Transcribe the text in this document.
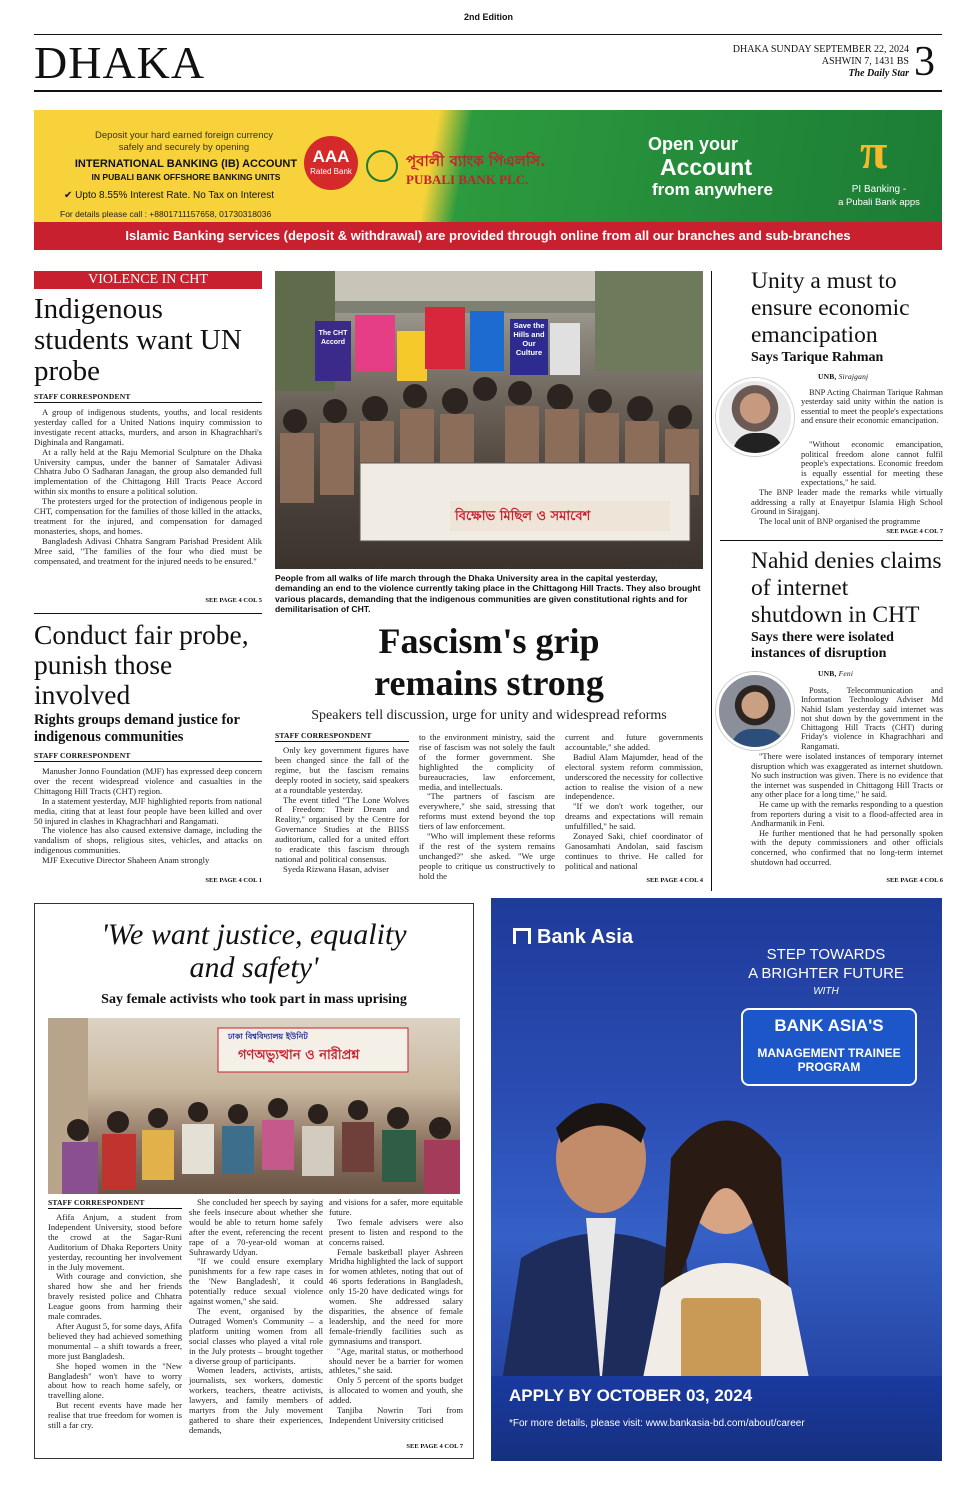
2nd Edition
DHAKA	DHAKA SUNDAY SEPTEMBER 22, 2024
ASHWIN 7, 1431 BS
The Daily Star 3
Deposit your hard earned foreign currency
safely and securely by opening
INTERNATIONAL BANKING (IB) ACCOUNT
IN PUBALI BANK OFFSHORE BANKING UNITS
✔ Upto 8.55% Interest Rate. No Tax on Interest
For details please call : +8801711157658, 01730318036
AAA
Rated Bank
পূবালী ব্যাংক পিএলসি.
PUBALI BANK PLC.
Open your
Account
from anywhere
π
PI Banking -
a Pubali Bank apps
Islamic Banking services (deposit & withdrawal) are provided through online from all our branches and sub-branches
VIOLENCE IN CHT
Indigenous students want UN probe
STAFF CORRESPONDENT

A group of indigenous students, youths, and local residents yesterday called for a United Nations inquiry commission to investigate recent attacks, murders, and arson in Khagrachhari's Dighinala and Rangamati.

At a rally held at the Raju Memorial Sculpture on the Dhaka University campus, under the banner of Samataler Adivasi Chhatra Jubo O Sadharan Janagan, the group also demanded full implementation of the Chittagong Hill Tracts Peace Accord within six months to ensure a political solution.

The protesters urged for the protection of indigenous people in CHT, compensation for the families of those killed in the attacks, treatment for the injured, and compensation for damaged monasteries, shops, and homes.

Bangladesh Adivasi Chhatra Sangram Parishad President Alik Mree said, "The families of the four who died must be compensated, and treatment for the injured needs to be ensured."

SEE PAGE 4 COL 5
Save the Hills and Our Culture
The CHT Accord
বিক্ষোভ মিছিল ও সমাবেশ
PHOTO: PALASH KHAN
People from all walks of life march through the Dhaka University area in the capital yesterday, demanding an end to the violence currently taking place in the Chittagong Hill Tracts. They also brought various placards, demanding that the indigenous communities are given constitutional rights and for demilitarisation of CHT.
Unity a must to ensure economic emancipation
Says Tarique Rahman
UNB, Sirajganj

BNP Acting Chairman Tarique Rahman yesterday said unity within the nation is essential to meet the people's expectations and ensure their economic emancipation.

"Without economic emancipation, political freedom alone cannot fulfil people's expectations. Economic freedom is equally essential for meeting these expectations," he said.

The BNP leader made the remarks while virtually addressing a rally at Enayetpur Islamia High School Ground in Sirajganj.

The local unit of BNP organised the programme

SEE PAGE 4 COL 7
Nahid denies claims of internet shutdown in CHT
Says there were isolated instances of disruption
UNB, Feni

Posts, Telecommunication and Information Technology Adviser Md Nahid Islam yesterday said internet was not shut down by the government in the Chittagong Hill Tracts (CHT) during Friday's violence in Khagrachhari and Rangamati.

"There were isolated instances of temporary internet disruption which was exaggerated as internet shutdown. No such instruction was given. There is no evidence that the internet was suspended in Chittagong Hill Tracts or any other place for a long time," he said.

He came up with the remarks responding to a question from reporters during a visit to a flood-affected area in Andharmanik in Feni.

He further mentioned that he had personally spoken with the deputy commissioners and other officials concerned, who confirmed that no long-term internet shutdown had occurred.

SEE PAGE 4 COL 6
Conduct fair probe, punish those involved
Rights groups demand justice for indigenous communities
STAFF CORRESPONDENT

Manusher Jonno Foundation (MJF) has expressed deep concern over the recent widespread violence and casualties in the Chittagong Hill Tracts (CHT) region.

In a statement yesterday, MJF highlighted reports from national media, citing that at least four people have been killed and over 50 injured in clashes in Khagrachhari and Rangamati.

The violence has also caused extensive damage, including the vandalism of shops, religious sites, vehicles, and attacks on indigenous communities.

MJF Executive Director Shaheen Anam strongly

SEE PAGE 4 COL 1
Fascism's grip remains strong
Speakers tell discussion, urge for unity and widespread reforms
STAFF CORRESPONDENT

Only key government figures have been changed since the fall of the regime, but the fascism remains deeply rooted in society, said speakers at a roundtable yesterday.

The event titled "The Lone Wolves of Freedom: Their Dream and Reality," organised by the Centre for Governance Studies at the BIISS auditorium, called for a united effort to eradicate this fascism through national and political consensus.

Syeda Rizwana Hasan, adviser

to the environment ministry, said the rise of fascism was not solely the fault of the former government. She highlighted the complicity of bureaucracies, law enforcement, media, and intellectuals.

"The partners of fascism are everywhere," she said, stressing that reforms must extend beyond the top tiers of law enforcement.

"Who will implement these reforms if the rest of the system remains unchanged?" she asked. "We urge people to critique us constructively to hold the

current and future governments accountable," she added.

Badiul Alam Majumder, head of the electoral system reform commission, underscored the necessity for collective action to realise the vision of a new independence.

"If we don't work together, our dreams and expectations will remain unfulfilled," he said.

Zonayed Saki, chief coordinator of Ganosamhati Andolan, said fascism continues to thrive. He called for political and national

SEE PAGE 4 COL 4
'We want justice, equality and safety'
Say female activists who took part in mass uprising
ঢাকা বিশ্ববিদ্যালয় ইউনিট
গণঅভ্যুত্থান ও নারীপ্রশ্ন
STAFF CORRESPONDENT

Afifa Anjum, a student from Independent University, stood before the crowd at the Sagar-Runi Auditorium of Dhaka Reporters Unity yesterday, recounting her involvement in the July movement.

With courage and conviction, she shared how she and her friends bravely resisted police and Chhatra League goons from harming their male comrades.

After August 5, for some days, Afifa believed they had achieved something monumental – a shift towards a freer, more just Bangladesh.

She hoped women in the "New Bangladesh" won't have to worry about how to reach home safely, or travelling alone.

But recent events have made her realise that true freedom for women is still a far cry.

She concluded her speech by saying she feels insecure about whether she would be able to return home safely after the event, referencing the recent rape of a 70-year-old woman at Suhrawardy Udyan.

"If we could ensure exemplary punishments for a few rape cases in the 'New Bangladesh', it could potentially reduce sexual violence against women," she said.

The event, organised by the Outraged Women's Community – a platform uniting women from all social classes who played a vital role in the July protests – brought together a diverse group of participants.

Women leaders, activists, artists, journalists, sex workers, domestic workers, teachers, theatre activists, lawyers, and family members of martyrs from the July movement gathered to share their experiences, demands,

and visions for a safer, more equitable future.

Two female advisers were also present to listen and respond to the concerns raised.

Female basketball player Ashreen Mridha highlighted the lack of support for women athletes, noting that out of 46 sports federations in Bangladesh, only 15-20 have dedicated wings for women. She addressed salary disparities, the absence of female leadership, and the need for more female-friendly facilities such as gymnasiums and transport.

"Age, marital status, or motherhood should never be a barrier for women athletes," she said.

Only 5 percent of the sports budget is allocated to women and youth, she added.

Tanjiba Nowrin Tori from Independent University criticised

SEE PAGE 4 COL 7
Bank Asia
STEP TOWARDS
A BRIGHTER FUTURE
WITH
BANK ASIA'S
MANAGEMENT TRAINEE
PROGRAM
APPLY BY OCTOBER 03, 2024
*For more details, please visit: www.bankasia-bd.com/about/career
